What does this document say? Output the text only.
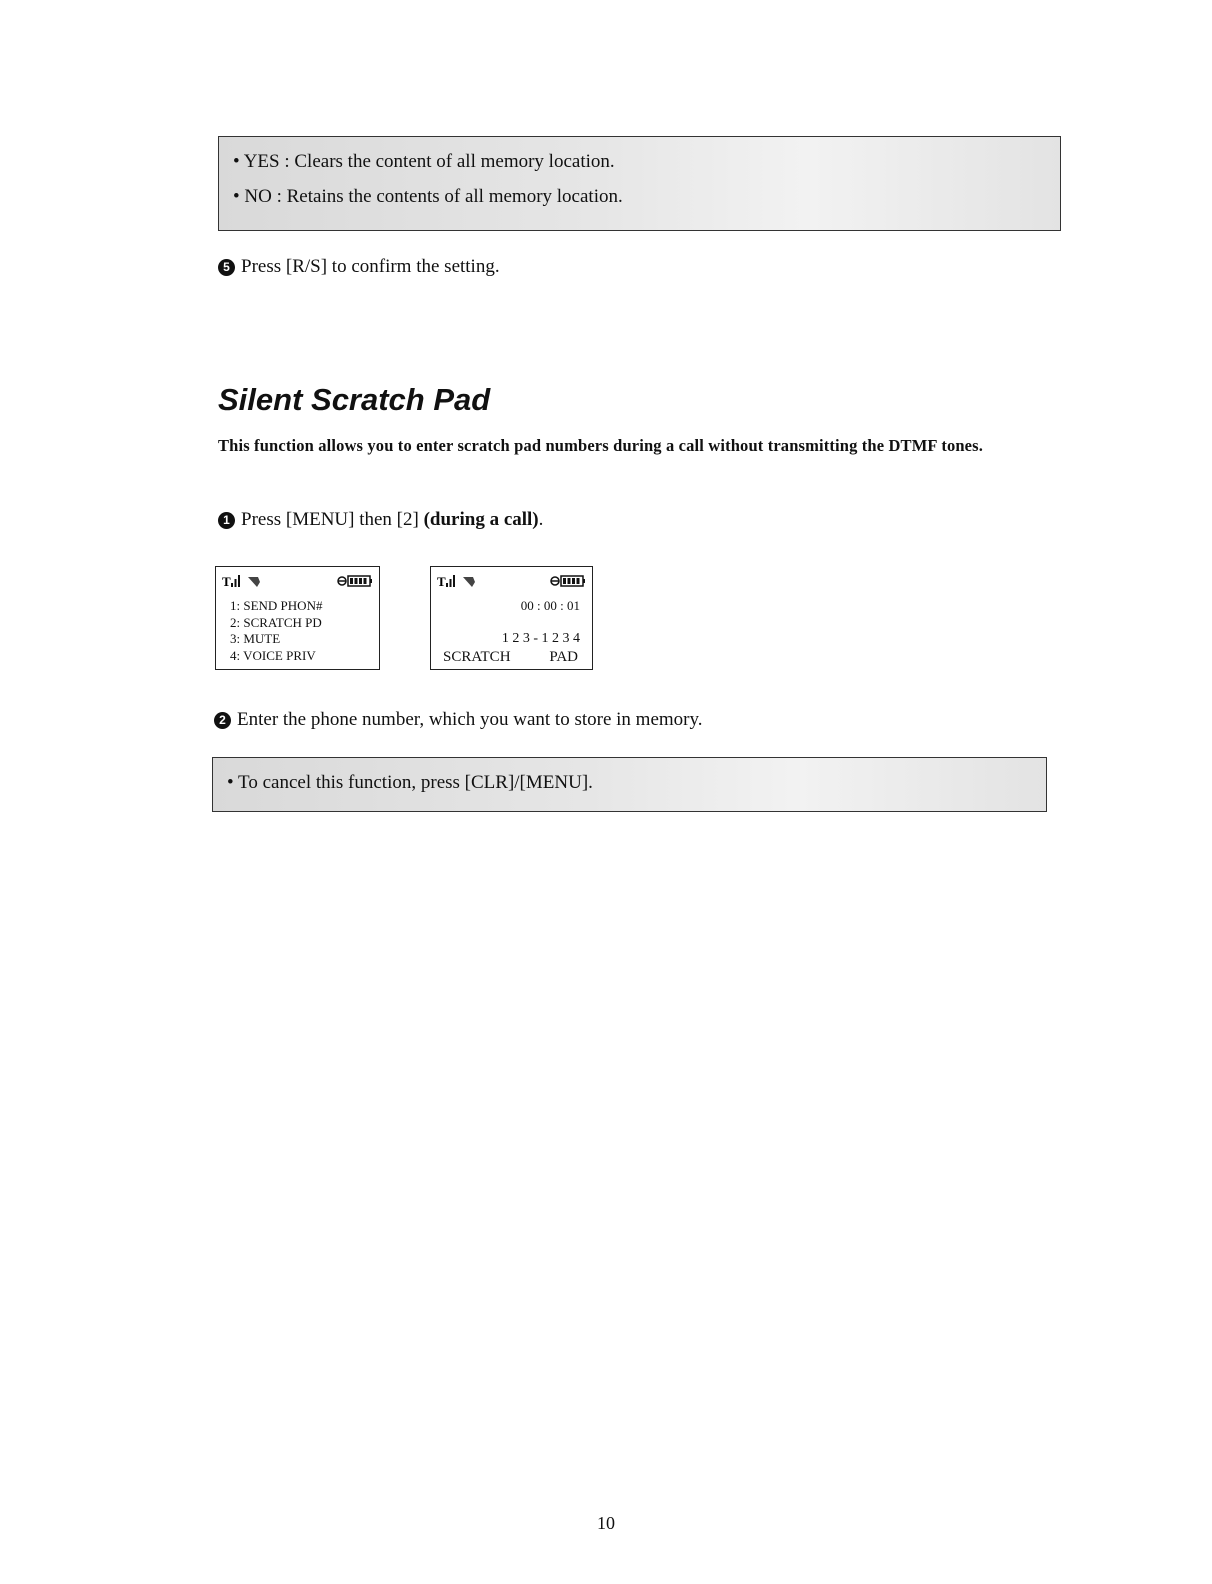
• YES : Clears the content of all memory location.
• NO : Retains the contents of all memory location.
5 Press [R/S] to confirm the setting.
Silent Scratch Pad
This function allows you to enter scratch pad numbers during a call without transmitting the DTMF tones.
1 Press [MENU] then [2] (during a call).
T
1: SEND PHON#
2: SCRATCH PD
3: MUTE
4: VOICE PRIV
T
00 : 00 : 01
1 2 3 - 1 2 3 4
SCRATCH	PAD
2 Enter the phone number, which you want to store in memory.
• To cancel this function, press [CLR]/[MENU].
10
